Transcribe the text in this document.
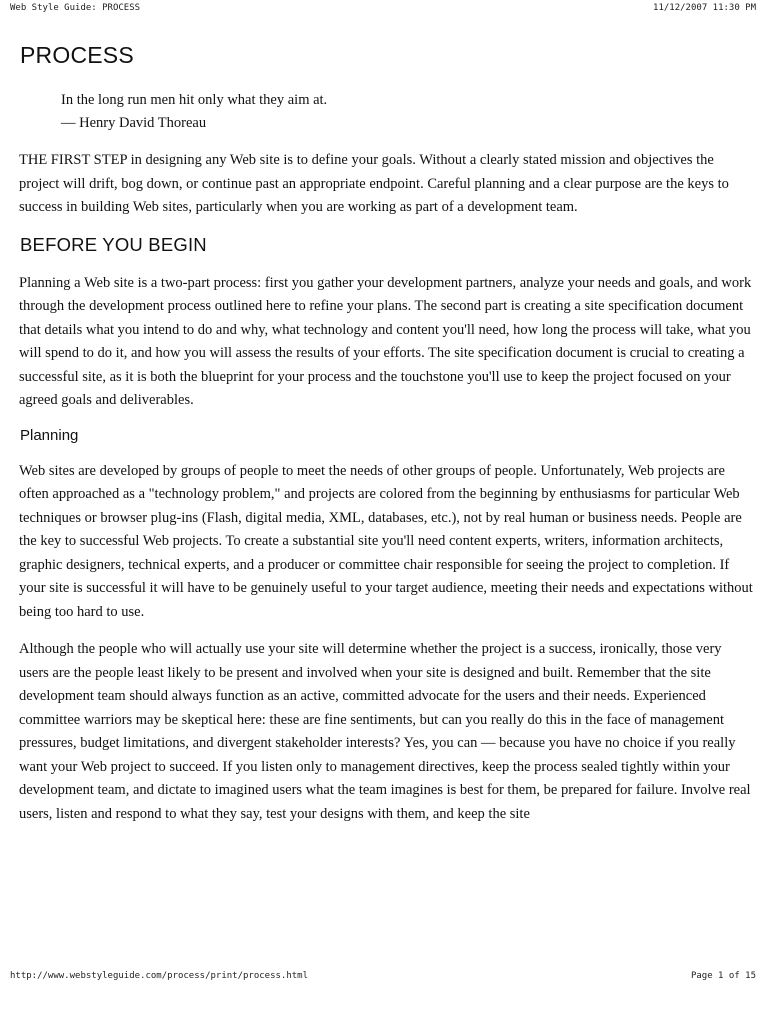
Web Style Guide: PROCESS	11/12/2007 11:30 PM
PROCESS
In the long run men hit only what they aim at.
— Henry David Thoreau

THE FIRST STEP in designing any Web site is to define your goals. Without a clearly stated mission and objectives the project will drift, bog down, or continue past an appropriate endpoint. Careful planning and a clear purpose are the keys to success in building Web sites, particularly when you are working as part of a development team.

BEFORE YOU BEGIN

Planning a Web site is a two-part process: first you gather your development partners, analyze your needs and goals, and work through the development process outlined here to refine your plans. The second part is creating a site specification document that details what you intend to do and why, what technology and content you'll need, how long the process will take, what you will spend to do it, and how you will assess the results of your efforts. The site specification document is crucial to creating a successful site, as it is both the blueprint for your process and the touchstone you'll use to keep the project focused on your agreed goals and deliverables.

Planning

Web sites are developed by groups of people to meet the needs of other groups of people. Unfortunately, Web projects are often approached as a "technology problem," and projects are colored from the beginning by enthusiasms for particular Web techniques or browser plug-ins (Flash, digital media, XML, databases, etc.), not by real human or business needs. People are the key to successful Web projects. To create a substantial site you'll need content experts, writers, information architects, graphic designers, technical experts, and a producer or committee chair responsible for seeing the project to completion. If your site is successful it will have to be genuinely useful to your target audience, meeting their needs and expectations without being too hard to use.

Although the people who will actually use your site will determine whether the project is a success, ironically, those very users are the people least likely to be present and involved when your site is designed and built. Remember that the site development team should always function as an active, committed advocate for the users and their needs. Experienced committee warriors may be skeptical here: these are fine sentiments, but can you really do this in the face of management pressures, budget limitations, and divergent stakeholder interests? Yes, you can — because you have no choice if you really want your Web project to succeed. If you listen only to management directives, keep the process sealed tightly within your development team, and dictate to imagined users what the team imagines is best for them, be prepared for failure. Involve real users, listen and respond to what they say, test your designs with them, and keep the site

http://www.webstyleguide.com/process/print/process.html	Page 1 of 15
